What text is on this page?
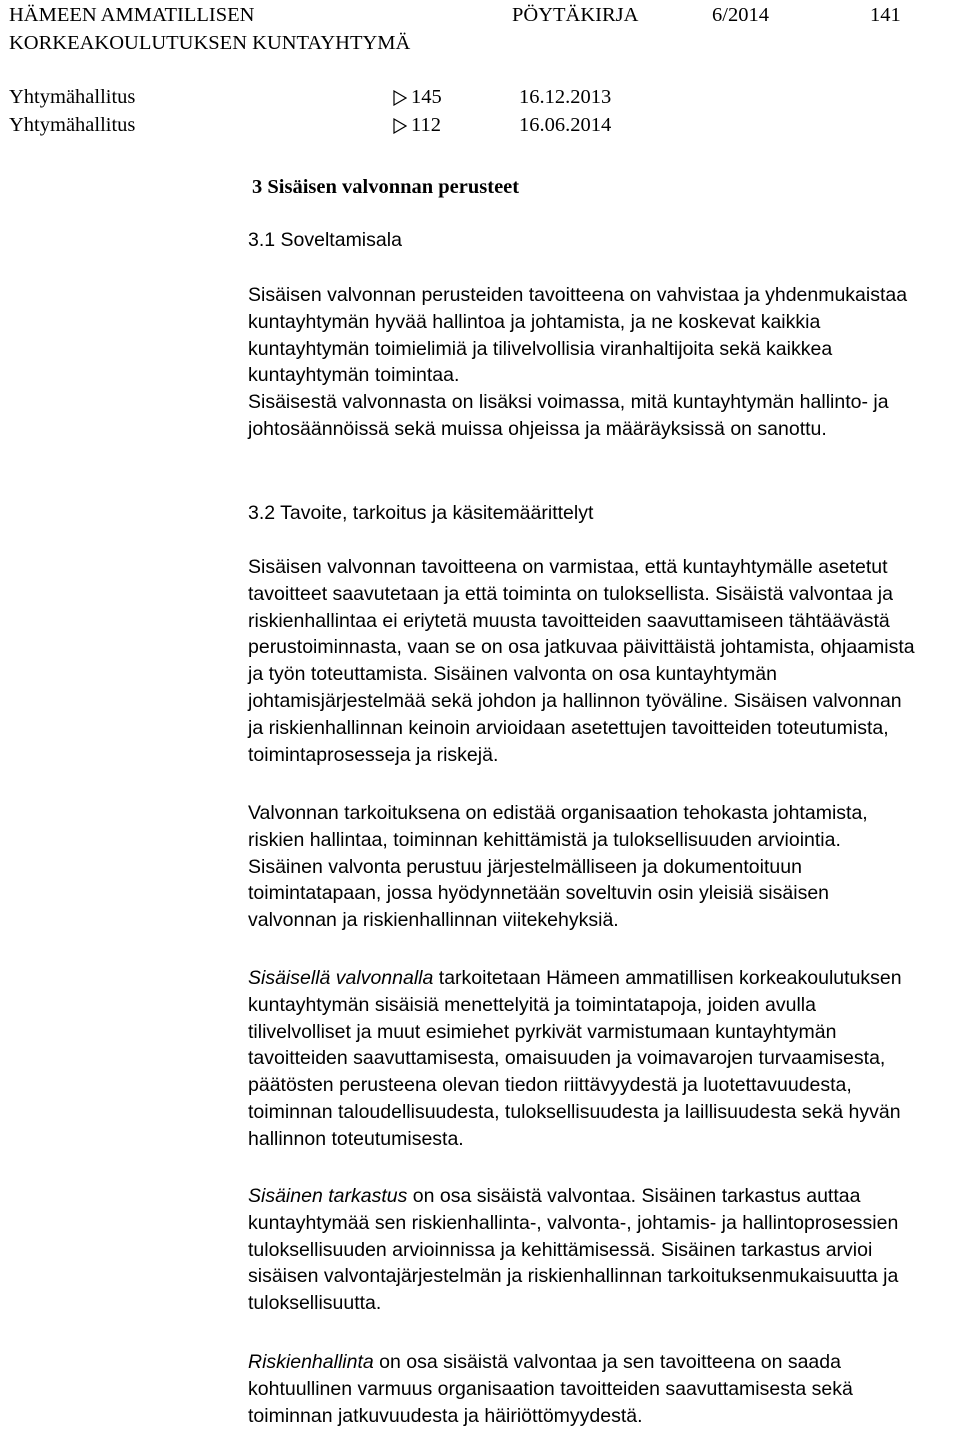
HÄMEEN AMMATILLISEN
KORKEAKOULUTUKSEN KUNTAYHTYMÄ
PÖYTÄKIRJA	6/2014	141
Yhtymähallitus	145	16.12.2013
Yhtymähallitus	112	16.06.2014
3 Sisäisen valvonnan perusteet
3.1 Soveltamisala

Sisäisen valvonnan perusteiden tavoitteena on vahvistaa ja yhdenmukaistaa
kuntayhtymän hyvää hallintoa ja johtamista, ja ne koskevat kaikkia
kuntayhtymän toimielimiä ja tilivelvollisia viranhaltijoita sekä kaikkea
kuntayhtymän toimintaa.
Sisäisestä valvonnasta on lisäksi voimassa, mitä kuntayhtymän hallinto- ja
johtosäännöissä sekä muissa ohjeissa ja määräyksissä on sanottu.

3.2 Tavoite, tarkoitus ja käsitemäärittelyt

Sisäisen valvonnan tavoitteena on varmistaa, että kuntayhtymälle asetetut
tavoitteet saavutetaan ja että toiminta on tuloksellista. Sisäistä valvontaa ja
riskienhallintaa ei eriytetä muusta tavoitteiden saavuttamiseen tähtäävästä
perustoiminnasta, vaan se on osa jatkuvaa päivittäistä johtamista, ohjaamista
ja työn toteuttamista. Sisäinen valvonta on osa kuntayhtymän
johtamisjärjestelmää sekä johdon ja hallinnon työväline. Sisäisen valvonnan
ja riskienhallinnan keinoin arvioidaan asetettujen tavoitteiden toteutumista,
toimintaprosesseja ja riskejä.

Valvonnan tarkoituksena on edistää organisaation tehokasta johtamista,
riskien hallintaa, toiminnan kehittämistä ja tuloksellisuuden arviointia.
Sisäinen valvonta perustuu järjestelmälliseen ja dokumentoituun
toimintatapaan, jossa hyödynnetään soveltuvin osin yleisiä sisäisen
valvonnan ja riskienhallinnan viitekehyksiä.

Sisäisellä valvonnalla tarkoitetaan Hämeen ammatillisen korkeakoulutuksen
kuntayhtymän sisäisiä menettelyitä ja toimintatapoja, joiden avulla
tilivelvolliset ja muut esimiehet pyrkivät varmistumaan kuntayhtymän
tavoitteiden saavuttamisesta, omaisuuden ja voimavarojen turvaamisesta,
päätösten perusteena olevan tiedon riittävyydestä ja luotettavuudesta,
toiminnan taloudellisuudesta, tuloksellisuudesta ja laillisuudesta sekä hyvän
hallinnon toteutumisesta.

Sisäinen tarkastus on osa sisäistä valvontaa. Sisäinen tarkastus auttaa
kuntayhtymää sen riskienhallinta-, valvonta-, johtamis- ja hallintoprosessien
tuloksellisuuden arvioinnissa ja kehittämisessä. Sisäinen tarkastus arvioi
sisäisen valvontajärjestelmän ja riskienhallinnan tarkoituksenmukaisuutta ja
tuloksellisuutta.

Riskienhallinta on osa sisäistä valvontaa ja sen tavoitteena on saada
kohtuullinen varmuus organisaation tavoitteiden saavuttamisesta sekä
toiminnan jatkuvuudesta ja häiriöttömyydestä.
